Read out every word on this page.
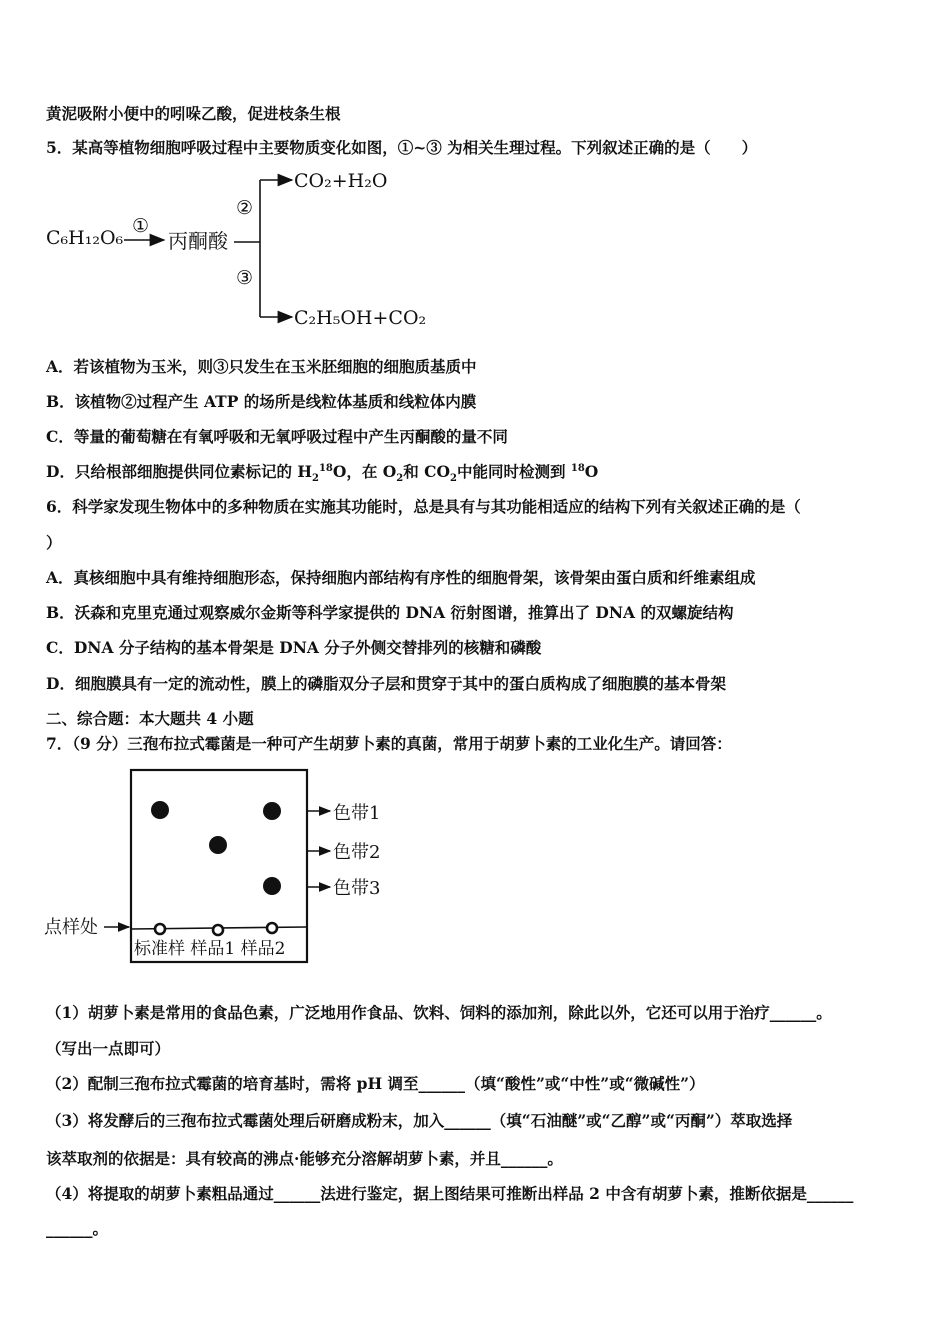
黄泥吸附小便中的吲哚乙酸，促进枝条生根
5．某高等植物细胞呼吸过程中主要物质变化如图，①~③ 为相关生理过程。下列叙述正确的是（　　）
C₆H₁₂O₆
①
丙酮酸
②
③
CO₂+H₂O
C₂H₅OH+CO₂
A．若该植物为玉米，则③只发生在玉米胚细胞的细胞质基质中
B．该植物②过程产生 ATP 的场所是线粒体基质和线粒体内膜
C．等量的葡萄糖在有氧呼吸和无氧呼吸过程中产生丙酮酸的量不同
D．只给根部细胞提供同位素标记的 $H_2^{18}O$，在 $O_2$和 $CO_2$中能同时检测到 $^{18}$O
6．科学家发现生物体中的多种物质在实施其功能时，总是具有与其功能相适应的结构下列有关叙述正确的是（
）
A．真核细胞中具有维持细胞形态，保持细胞内部结构有序性的细胞骨架，该骨架由蛋白质和纤维素组成
B．沃森和克里克通过观察威尔金斯等科学家提供的 DNA 衍射图谱，推算出了 DNA 的双螺旋结构
C．DNA 分子结构的基本骨架是 DNA 分子外侧交替排列的核糖和磷酸
D．细胞膜具有一定的流动性，膜上的磷脂双分子层和贯穿于其中的蛋白质构成了细胞膜的基本骨架
二、综合题：本大题共 4 小题
7．（9 分）三孢布拉式霉菌是一种可产生胡萝卜素的真菌，常用于胡萝卜素的工业化生产。请回答：
色带1
色带2
色带3
点样处
标准样 样品1 样品2
（1）胡萝卜素是常用的食品色素，广泛地用作食品、饮料、饲料的添加剂，除此以外，它还可以用于治疗______。
（写出一点即可）
（2）配制三孢布拉式霉菌的培育基时，需将 pH 调至______（填“酸性”或“中性”或“微碱性”）
（3）将发酵后的三孢布拉式霉菌处理后研磨成粉末，加入______（填“石油醚”或“乙醇”或“丙酮”）萃取选择
该萃取剂的依据是：具有较高的沸点·能够充分溶解胡萝卜素，并且______。
（4）将提取的胡萝卜素粗品通过______法进行鉴定，据上图结果可推断出样品 2 中含有胡萝卜素，推断依据是______
______。
